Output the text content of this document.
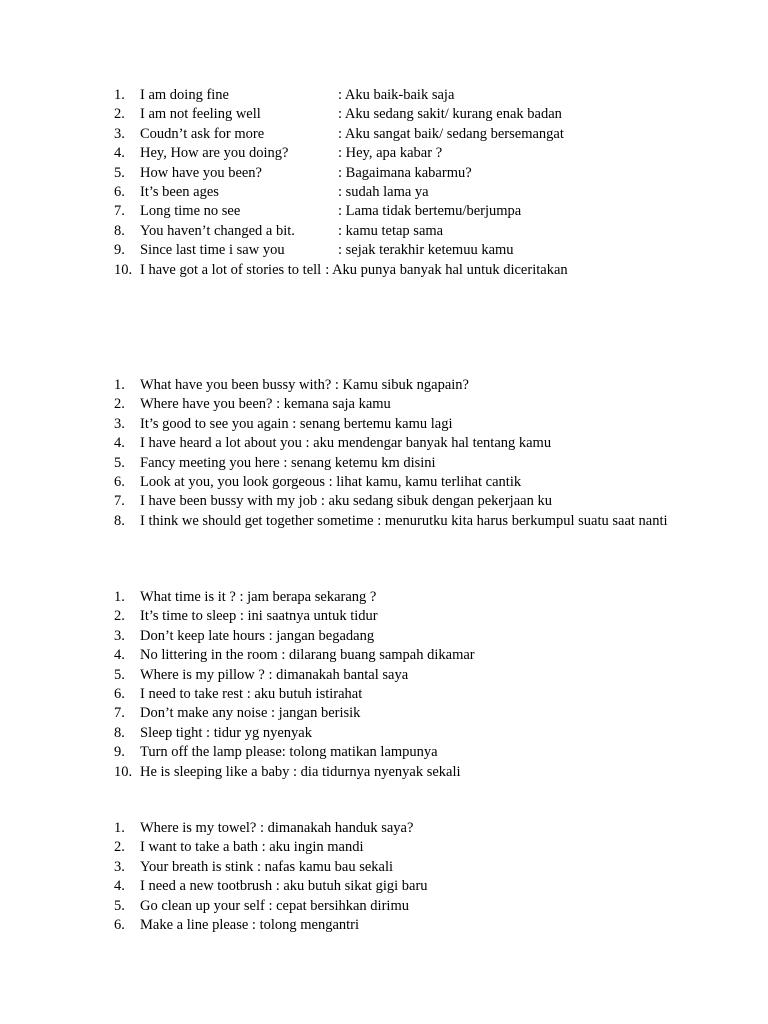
1. I am doing fine	: Aku baik-baik saja
2. I am not feeling well	: Aku sedang sakit/ kurang enak badan
3. Coudn’t ask for more	: Aku sangat baik/ sedang bersemangat
4. Hey, How are you doing?	: Hey, apa kabar ?
5. How have you been?	: Bagaimana kabarmu?
6. It’s been ages	: sudah lama ya
7. Long time no see	: Lama tidak bertemu/berjumpa
8. You haven’t changed a bit.	: kamu tetap sama
9. Since last time i saw you	: sejak terakhir ketemuu kamu
10. I have got a lot of stories to tell : Aku punya banyak hal untuk diceritakan
1. What have you been bussy with? : Kamu sibuk ngapain?
2. Where have you been? : kemana saja kamu
3. It’s good to see you again : senang bertemu kamu lagi
4. I have heard a lot about you : aku mendengar banyak hal tentang kamu
5. Fancy meeting you here : senang ketemu km disini
6. Look at you, you look gorgeous : lihat kamu, kamu terlihat cantik
7. I have been bussy with my job : aku sedang sibuk dengan pekerjaan ku
8. I think we should get together sometime : menurutku kita harus berkumpul suatu saat nanti
1. What time is it ? : jam berapa sekarang ?
2. It’s time to sleep : ini saatnya untuk tidur
3. Don’t keep late hours : jangan begadang
4. No littering in the room : dilarang buang sampah dikamar
5. Where is my pillow ? : dimanakah bantal saya
6. I need to take rest : aku butuh istirahat
7. Don’t make any noise : jangan berisik
8. Sleep tight : tidur yg nyenyak
9. Turn off the lamp please: tolong matikan lampunya
10. He is sleeping like a baby : dia tidurnya nyenyak sekali
1. Where is my towel? : dimanakah handuk saya?
2. I want to take a bath : aku ingin mandi
3. Your breath is stink : nafas kamu bau sekali
4. I need a new tootbrush : aku butuh sikat gigi baru
5. Go clean up your self : cepat bersihkan dirimu
6. Make a line please : tolong mengantri
